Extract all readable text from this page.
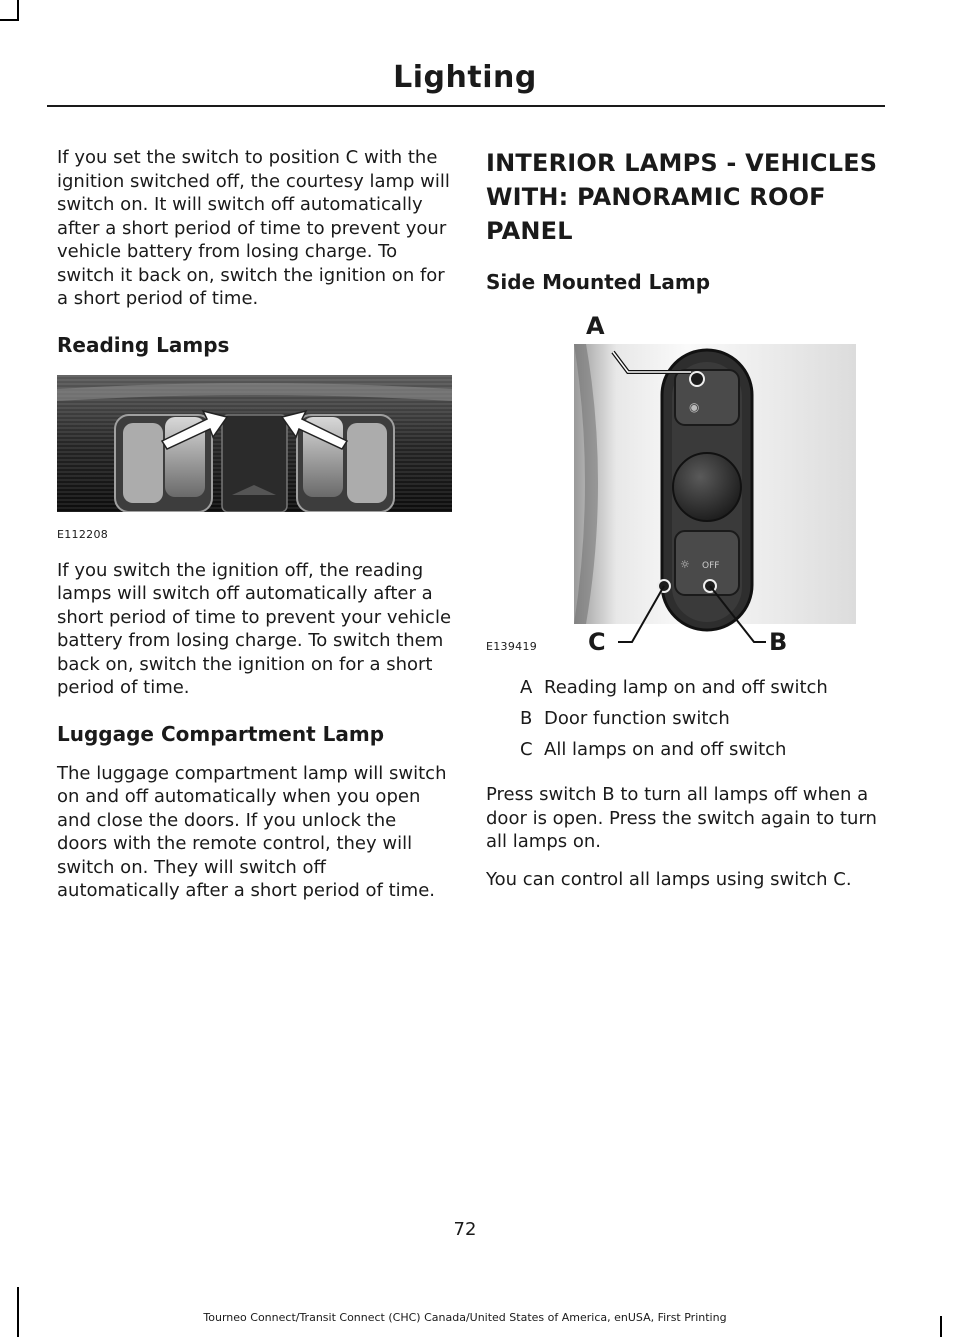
Lighting

If you set the switch to position C with the ignition switched off, the courtesy lamp will switch on. It will switch off automatically after a short period of time to prevent your vehicle battery from losing charge. To switch it back on, switch the ignition on for a short period of time.

Reading Lamps
E112208

If you switch the ignition off, the reading lamps will switch off automatically after a short period of time to prevent your vehicle battery from losing charge. To switch them back on, switch the ignition on for a short period of time.

Luggage Compartment Lamp

The luggage compartment lamp will switch on and off automatically when you open and close the doors. If you unlock the doors with the remote control, they will switch on. They will switch off automatically after a short period of time.

INTERIOR LAMPS - VEHICLES WITH: PANORAMIC ROOF PANEL
Side Mounted Lamp
◉
☼ OFF
A
C	B
E139419
A Reading lamp on and off switch
B Door function switch
C All lamps on and off switch

Press switch B to turn all lamps off when a door is open. Press the switch again to turn all lamps on.

You can control all lamps using switch C.

72
Tourneo Connect/Transit Connect (CHC) Canada/United States of America, enUSA, First Printing
